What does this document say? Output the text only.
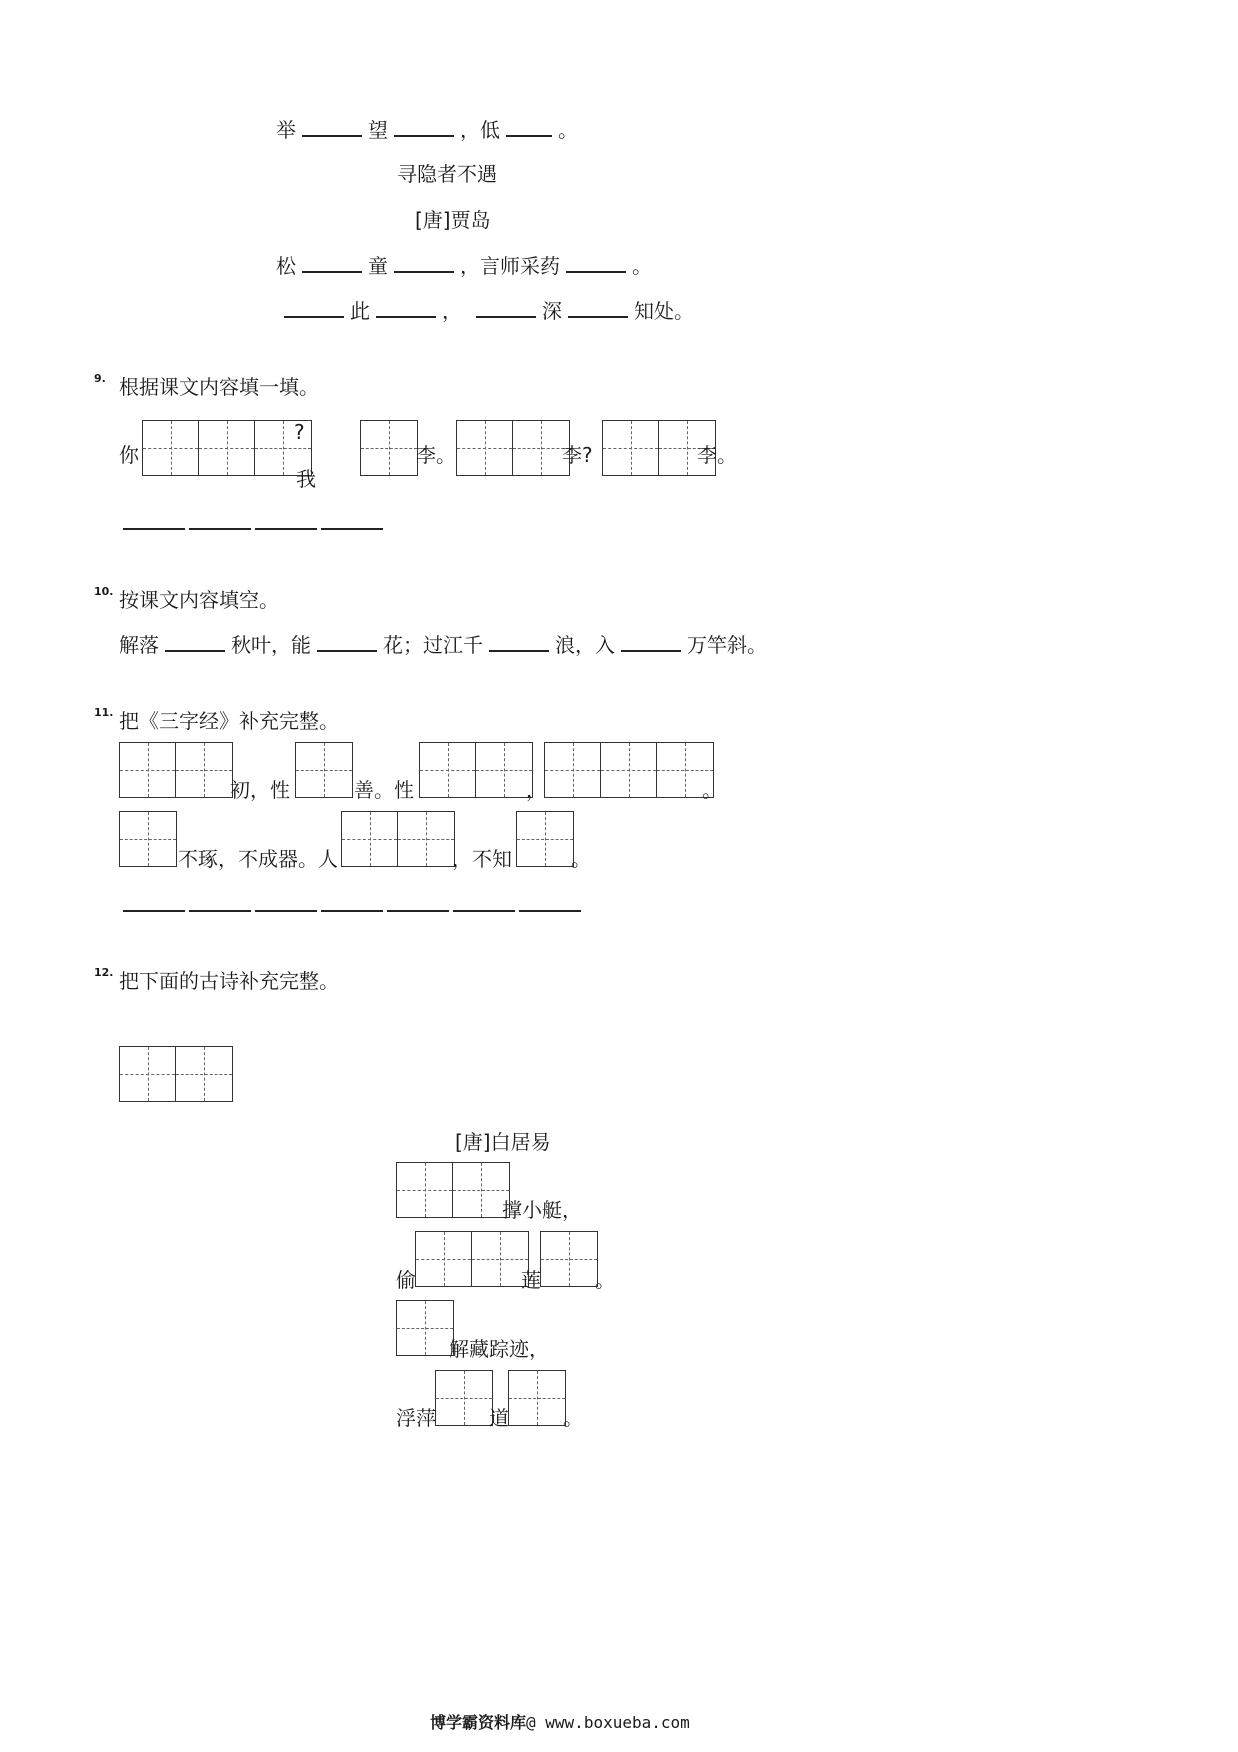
举	望	，低	。
寻隐者不遇
[唐]贾岛
松	童	，言师采药	。
此	，	深	知处。
9. 根据课文内容填一填。
你
?
我
李。	李?	李。
10. 按课文内容填空。
解落	秋叶，能	花；过江千	浪，入	万竿斜。
11. 把《三字经》补充完整。
初，性	善。性	，	。
不琢，不成器。人	，不知	。
12. 把下面的古诗补充完整。
[唐]白居易
撑小艇，
偷	莲	。
解藏踪迹，
浮萍	道	。
博学霸资料库@ www.boxueba.com
